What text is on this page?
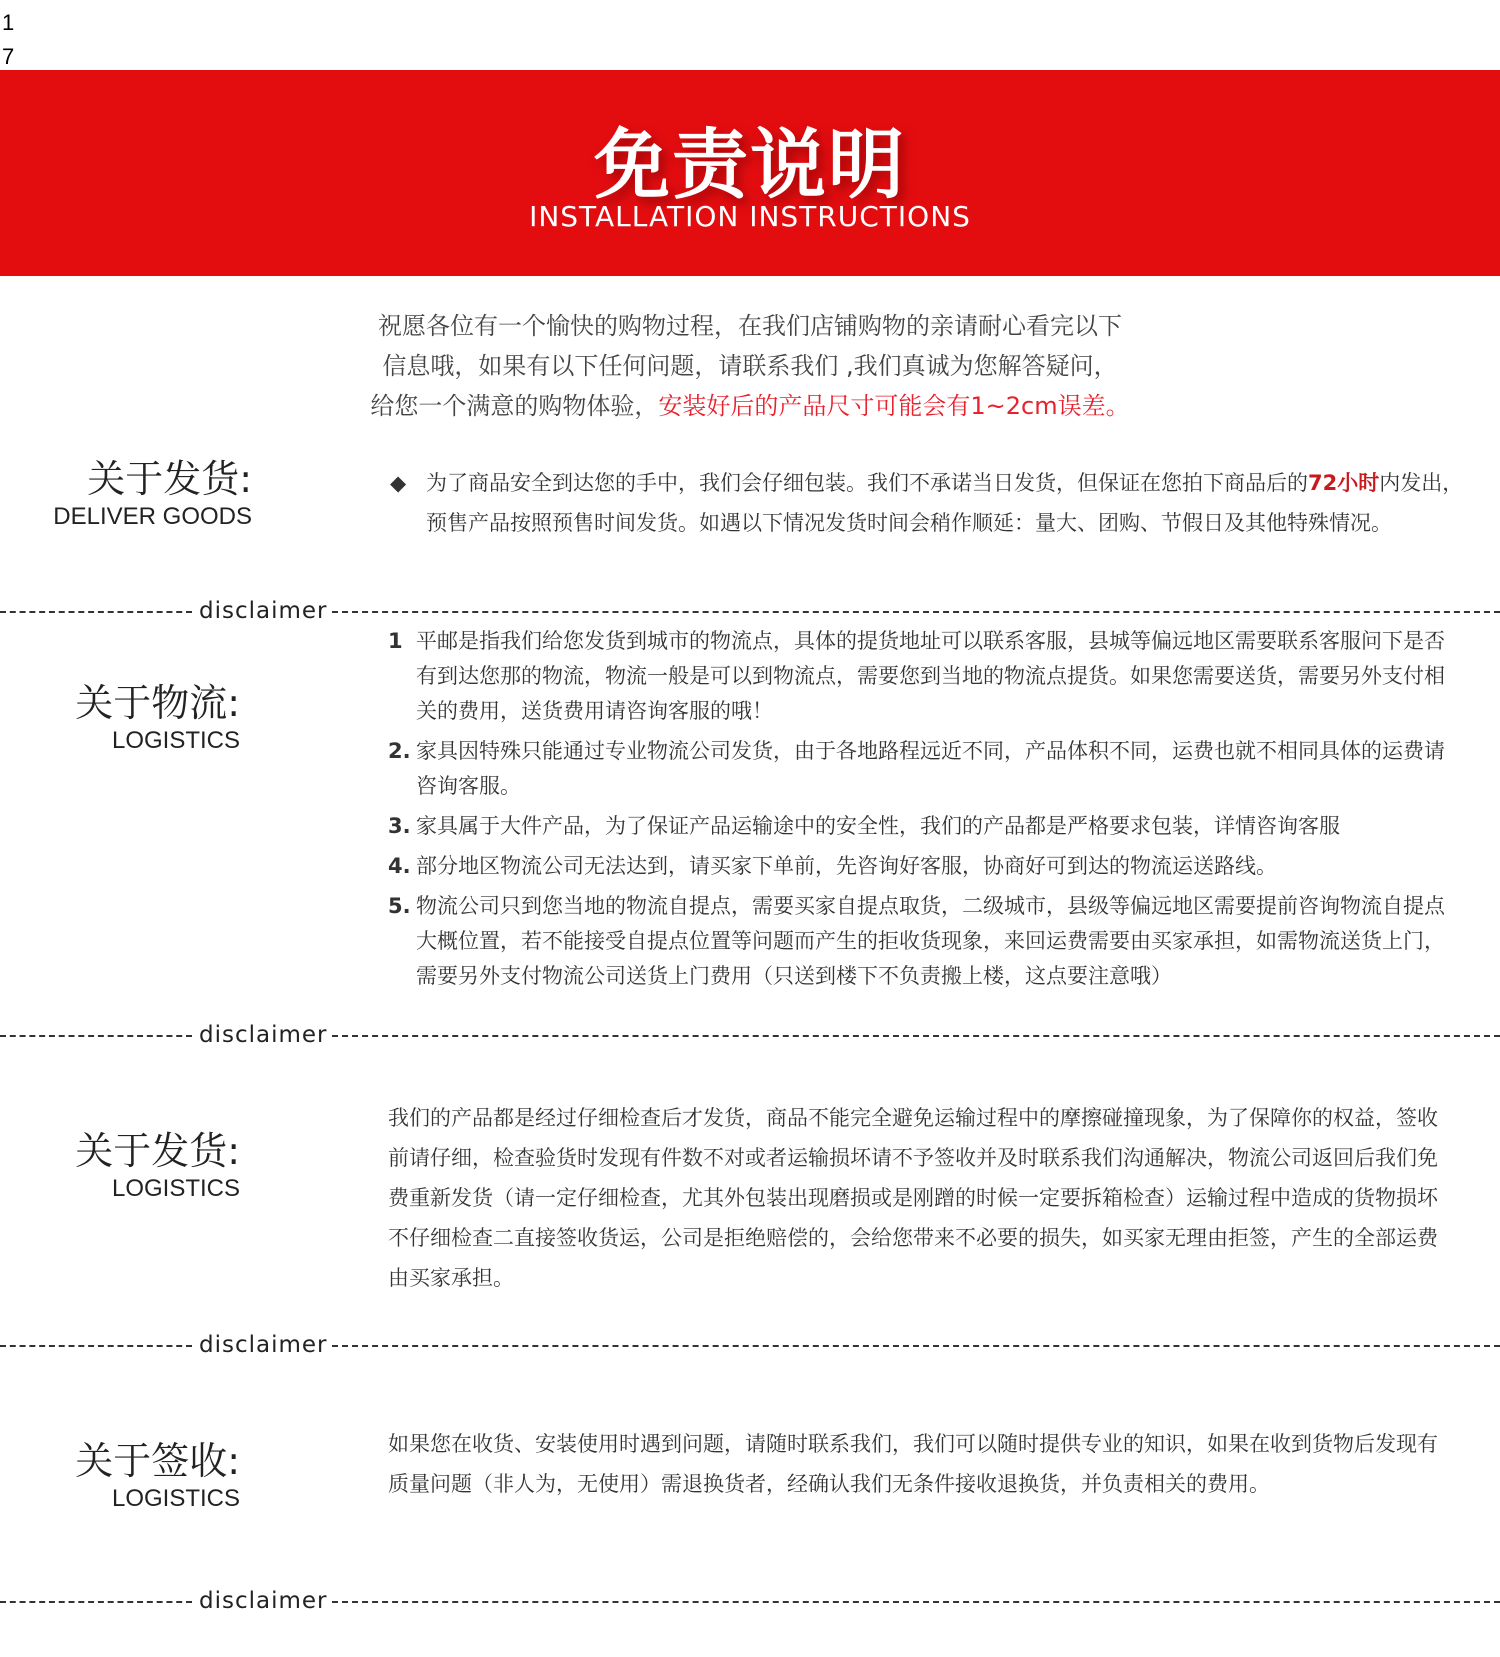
1
7
免责说明
INSTALLATION INSTRUCTIONS
祝愿各位有一个愉快的购物过程，在我们店铺购物的亲请耐心看完以下
信息哦，如果有以下任何问题，请联系我们 ,我们真诚为您解答疑问，
给您一个满意的购物体验，安装好后的产品尺寸可能会有1~2cm误差。
关于发货:
DELIVER GOODS
◆ 为了商品安全到达您的手中，我们会仔细包装。我们不承诺当日发货，但保证在您拍下商品后的72小时内发出，预售产品按照预售时间发货。如遇以下情况发货时间会稍作顺延：量大、团购、节假日及其他特殊情况。
disclaimer
关于物流:
LOGISTICS
1 平邮是指我们给您发货到城市的物流点，具体的提货地址可以联系客服，县城等偏远地区需要联系客服问下是否有到达您那的物流，物流一般是可以到物流点，需要您到当地的物流点提货。如果您需要送货，需要另外支付相关的费用，送货费用请咨询客服的哦！
2. 家具因特殊只能通过专业物流公司发货，由于各地路程远近不同，产品体积不同，运费也就不相同具体的运费请咨询客服。
3. 家具属于大件产品，为了保证产品运输途中的安全性，我们的产品都是严格要求包装，详情咨询客服
4. 部分地区物流公司无法达到，请买家下单前，先咨询好客服，协商好可到达的物流运送路线。
5. 物流公司只到您当地的物流自提点，需要买家自提点取货，二级城市，县级等偏远地区需要提前咨询物流自提点大概位置，若不能接受自提点位置等问题而产生的拒收货现象，来回运费需要由买家承担，如需物流送货上门，需要另外支付物流公司送货上门费用（只送到楼下不负责搬上楼，这点要注意哦）
disclaimer
关于发货:
LOGISTICS
我们的产品都是经过仔细检查后才发货，商品不能完全避免运输过程中的摩擦碰撞现象，为了保障你的权益，签收前请仔细，检查验货时发现有件数不对或者运输损坏请不予签收并及时联系我们沟通解决，物流公司返回后我们免费重新发货（请一定仔细检查，尤其外包装出现磨损或是刚蹭的时候一定要拆箱检查）运输过程中造成的货物损坏不仔细检查二直接签收货运，公司是拒绝赔偿的，会给您带来不必要的损失，如买家无理由拒签，产生的全部运费由买家承担。
disclaimer
关于签收:
LOGISTICS
如果您在收货、安装使用时遇到问题，请随时联系我们，我们可以随时提供专业的知识，如果在收到货物后发现有质量问题（非人为，无使用）需退换货者，经确认我们无条件接收退换货，并负责相关的费用。
disclaimer
